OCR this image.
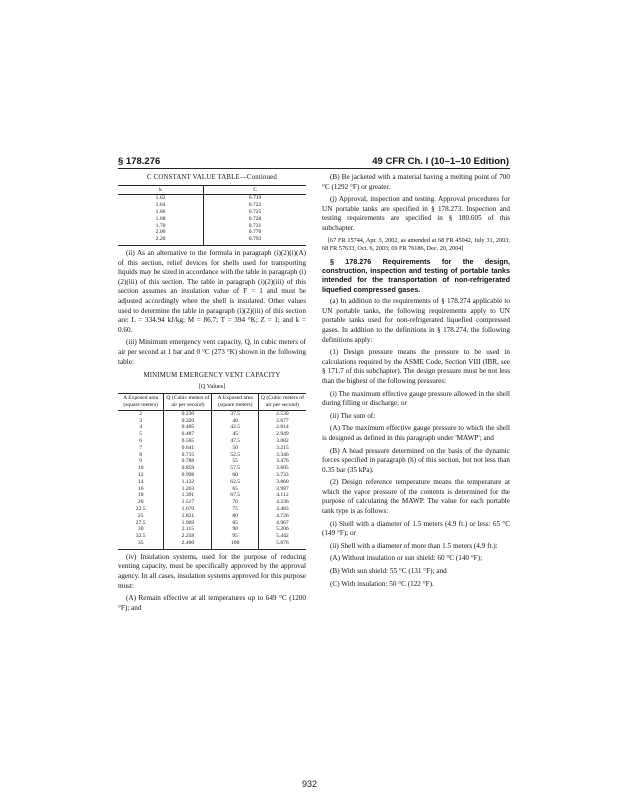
§ 178.276	49 CFR Ch. I (10–1–10 Edition)
C CONSTANT VALUE TABLE—Continued
k	C
1.62	0.719
1.64	0.722
1.66	0.725
1.68	0.728
1.70	0.731
2.00	0.770
2.20	0.793

(ii) As an alternative to the formula in paragraph (i)(2)(i)(A) of this section, relief devices for shells used for transporting liquids may be sized in accordance with the table in paragraph (i)(2)(iii) of this section. The table in paragraph (i)(2)(iii) of this section assumes an insulation value of F = 1 and must be adjusted accordingly when the shell is insulated. Other values used to determine the table in paragraph (i)(2)(iii) of this section are: L = 334.94 kJ/kg; M = 86.7; T = 394 °K; Z = 1; and k = 0.60.

(iii) Minimum emergency vent capacity, Q, in cubic meters of air per second at 1 bar and 0 °C (273 °K) shown in the following table:

MINIMUM EMERGENCY VENT CAPACITY
[Q Values]
A Exposed area (square meters)	Q (Cubic meters of air per second)	A Exposed area (square meters)	Q (Cubic meters of air per second)
2	0.230	37.5	2.539
3	0.320	40	2.677
4	0.405	42.5	2.814
5	0.487	45	2.949
6	0.565	47.5	3.082
7	0.641	50	3.215
8	0.715	52.5	3.346
9	0.788	55	3.476
10	0.859	57.5	3.605
12	0.998	60	3.733
14	1.132	62.5	3.860
16	1.263	65	3.987
18	1.391	67.5	4.112
20	1.517	70	4.236
22.5	1.670	75	4.483
25	1.821	80	4.726
27.5	1.969	85	4.967
30	2.115	90	5.206
32.5	2.258	95	5.442
35	2.400	100	5.676

(iv) Insulation systems, used for the purpose of reducing venting capacity, must be specifically approved by the approval agency. In all cases, insulation systems approved for this purpose must:

(A) Remain effective at all temperatures up to 649 °C (1200 °F); and

(B) Be jacketed with a material having a melting point of 700 °C (1292 °F) or greater.

(j) Approval, inspection and testing. Approval procedures for UN portable tanks are specified in § 178.273. Inspection and testing requirements are specified in § 180.605 of this subchapter.

[67 FR 15744, Apr. 3, 2002, as amended at 68 FR 45042, July 31, 2003; 68 FR 57633, Oct. 6, 2003; 69 FR 76186, Dec. 20, 2004]

§ 178.276 Requirements for the design, construction, inspection and testing of portable tanks intended for the transportation of non-refrigerated liquefied compressed gases.

(a) In addition to the requirements of § 178.274 applicable to UN portable tanks, the following requirements apply to UN portable tanks used for non-refrigerated liquefied compressed gases. In addition to the definitions in § 178.274, the following definitions apply:

(1) Design pressure means the pressure to be used in calculations required by the ASME Code, Section VIII (IBR, see § 171.7 of this subchapter). The design pressure must be not less than the highest of the following pressures:

(i) The maximum effective gauge pressure allowed in the shell during filling or discharge; or

(ii) The sum of:

(A) The maximum effective gauge pressure to which the shell is designed as defined in this paragraph under 'MAWP'; and

(B) A head pressure determined on the basis of the dynamic forces specified in paragraph (h) of this section, but not less than 0.35 bar (35 kPa).

(2) Design reference temperature means the temperature at which the vapor pressure of the contents is determined for the purpose of calculating the MAWP. The value for each portable tank type is as follows:

(i) Shell with a diameter of 1.5 meters (4.9 ft.) or less: 65 °C (149 °F); or

(ii) Shell with a diameter of more than 1.5 meters (4.9 ft.):

(A) Without insulation or sun shield: 60 °C (140 °F);

(B) With sun shield: 55 °C (131 °F); and

(C) With insulation: 50 °C (122 °F).

932
